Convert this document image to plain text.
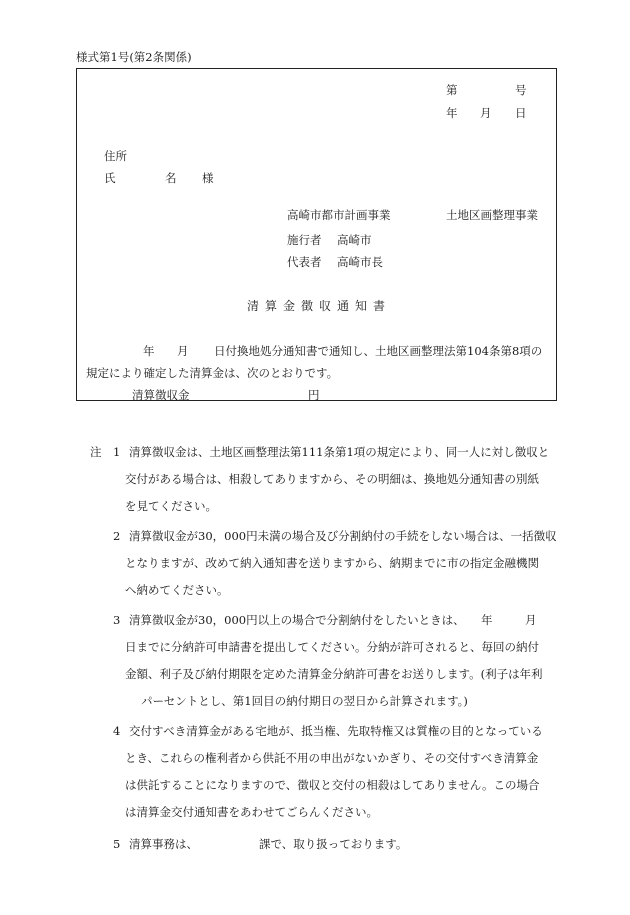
様式第1号(第2条関係)
第	号
年 月 日
住所
氏	名 様
高崎市都市計画事業	土地区画整理事業
施行者 高崎市
代表者 高崎市長
清算金徴収通知書
年 月 日付換地処分通知書で通知し、土地区画整理法第104条第8項の
規定により確定した清算金は、次のとおりです。
清算徴収金	円
注 1 清算徴収金は、土地区画整理法第111条第1項の規定により、同一人に対し徴収と
交付がある場合は、相殺してありますから、その明細は、換地処分通知書の別紙
を見てください。
2 清算徴収金が30，000円未満の場合及び分割納付の手続をしない場合は、一括徴収
となりますが、改めて納入通知書を送りますから、納期までに市の指定金融機関
へ納めてください。
3 清算徴収金が30，000円以上の場合で分割納付をしたいときは、 年	月
日までに分納許可申請書を提出してください。分納が許可されると、毎回の納付
金額、利子及び納付期限を定めた清算金分納許可書をお送りします。(利子は年利
パーセントとし、第1回目の納付期日の翌日から計算されます。)
4 交付すべき清算金がある宅地が、抵当権、先取特権又は質権の目的となっている
とき、これらの権利者から供託不用の申出がないかぎり、その交付すべき清算金
は供託することになりますので、徴収と交付の相殺はしてありません。この場合
は清算金交付通知書をあわせてごらんください。
5 清算事務は、	課で、取り扱っております。
